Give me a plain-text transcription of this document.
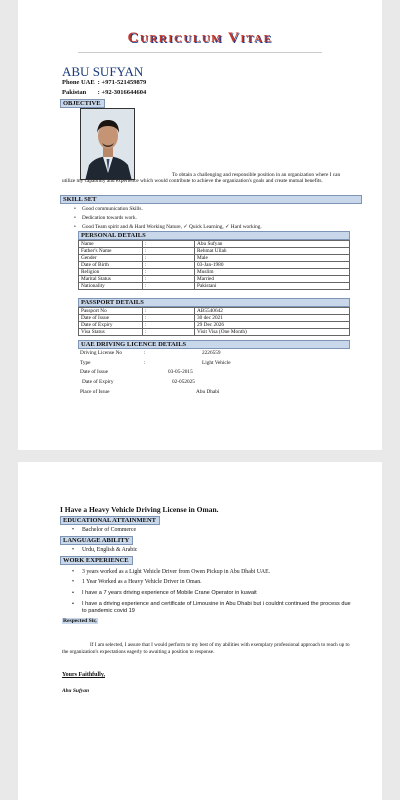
Curriculum Vitae
ABU SUFYAN
Phone UAE : +971-521459879
Pakistan : +92-3016644604
OBJECTIVE
To obtain a challenging and responsible position in an organization where I can utilize my capability and experience which would contribute to achieve the organization's goals and create mutual benefits.
SKILL SET
• Good communication Skills.
• Dedication towards work.
• Good Team spirit and & Hard Working Nature, ✓ Quick Learning, ✓ Hard working.
PERSONAL DETAILS
Name	:	Abu Sufyan
Father's Name	:	Rehmat Ullah
Gender	:	Male
Date of Birth	:	03-Jan-1980
Religion	:	Muslim
Marital Status	:	Married
Nationality	:	Pakistani
PASSPORT DETAILS
Passport No	:	AB5540642
Date of Issue	:	30 dec 2021
Date of Expiry	:	29 Dec 2026
Visa Status	:	Visit Visa (One Month)
UAE DRIVING LICENCE DETAILS
Driving License No	:	2226559
Type	:	Light Vehicle
Date of Issue	03-05-2015
Date of Expiry	02-052025
Place of Issue	Abu Dhabi
I Have a Heavy Vehicle Driving License in Oman.
EDUCATIONAL ATTAINMENT
• Bachelor of Commerce
LANGUAGE ABILITY
• Urdu, English & Arabic
WORK EXPERIENCE
• 3 years worked as a Light Vehicle Driver from Owen Pickup in Abu Dhabi UAE.
• 1 Year Worked as a Heavy Vehicle Driver in Oman.
• I have a 7 years driving experience of Mobile Crane Operator in kuwait
• I have a driving experience and certificate of Limousine in Abu Dhabi but i couldnt continued the process due to pandemic covid 19
Respected Sir,
If I am selected, I assure that I would perform to my best of my abilities with exemplary professional approach to reach up to the organization's expectations eagerly to awaiting a position to response.
Yours Faithfully,
Abu Sufyan
